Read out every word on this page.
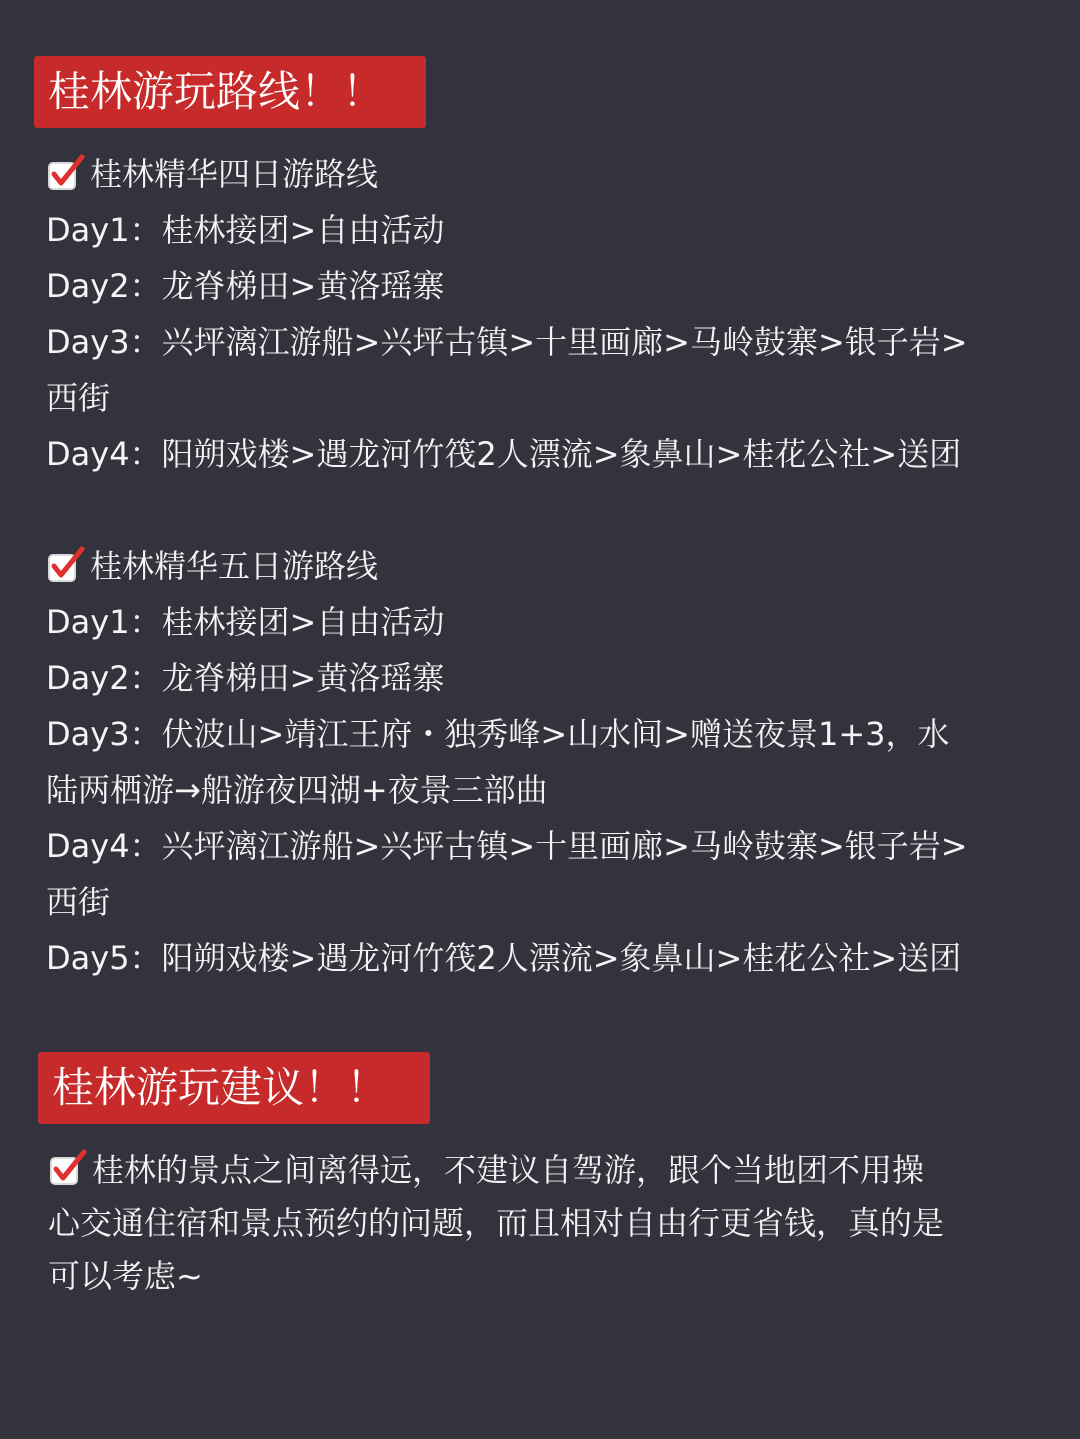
桂林游玩路线！！
桂林精华四日游路线
Day1：桂林接团>自由活动
Day2：龙脊梯田>黄洛瑶寨
Day3：兴坪漓江游船>兴坪古镇>十里画廊>马岭鼓寨>银子岩>
西街
Day4：阳朔戏楼>遇龙河竹筏2人漂流>象鼻山>桂花公社>送团
桂林精华五日游路线
Day1：桂林接团>自由活动
Day2：龙脊梯田>黄洛瑶寨
Day3：伏波山>靖江王府・独秀峰>山水间>赠送夜景1+3，水
陆两栖游→船游夜四湖+夜景三部曲
Day4：兴坪漓江游船>兴坪古镇>十里画廊>马岭鼓寨>银子岩>
西街
Day5：阳朔戏楼>遇龙河竹筏2人漂流>象鼻山>桂花公社>送团
桂林游玩建议！！
桂林的景点之间离得远，不建议自驾游，跟个当地团不用操
心交通住宿和景点预约的问题，而且相对自由行更省钱，真的是
可以考虑~
